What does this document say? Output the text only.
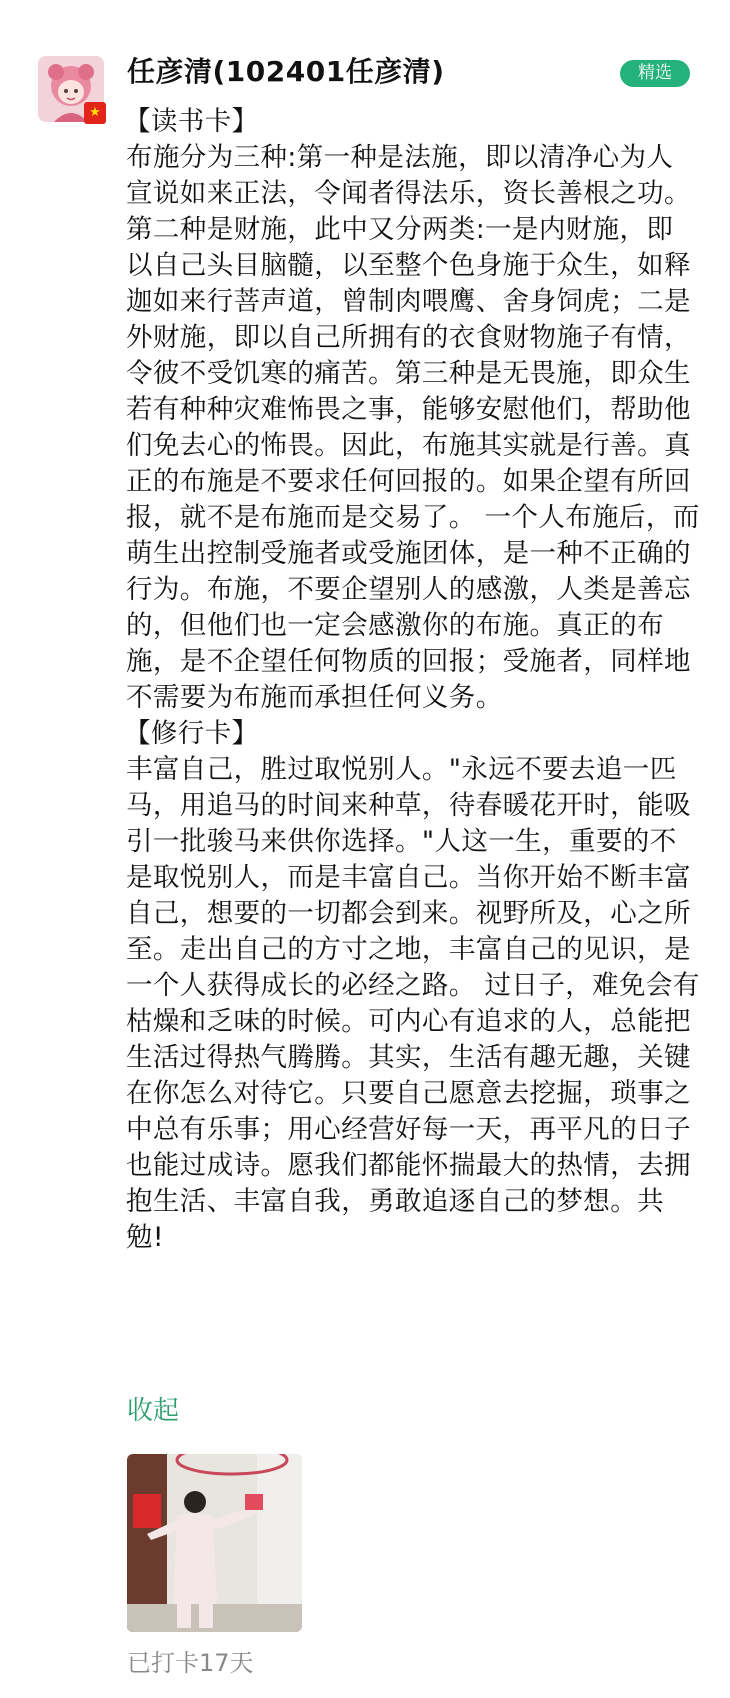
★
任彦清(102401任彦清)	精选

【读书卡】

布施分为三种:第一种是法施，即以清净心为人宣说如来正法，令闻者得法乐，资长善根之功。第二种是财施，此中又分两类:一是内财施，即以自己头目脑髓，以至整个色身施于众生，如释迦如来行菩声道，曾制肉喂鹰、舍身饲虎；二是外财施，即以自己所拥有的衣食财物施子有情， 令彼不受饥寒的痛苦。第三种是无畏施，即众生若有种种灾难怖畏之事，能够安慰他们，帮助他们免去心的怖畏。因此，布施其实就是行善。真正的布施是不要求任何回报的。如果企望有所回报，就不是布施而是交易了。 一个人布施后，而萌生出控制受施者或受施团体，是一种不正确的行为。布施，不要企望别人的感激，人类是善忘的，但他们也一定会感激你的布施。真正的布施，是不企望任何物质的回报；受施者，同样地不需要为布施而承担任何义务。

【修行卡】

丰富自己，胜过取悦别人。"永远不要去追一匹马，用追马的时间来种草，待春暖花开时，能吸引一批骏马来供你选择。"人这一生，重要的不是取悦别人，而是丰富自己。当你开始不断丰富自己，想要的一切都会到来。视野所及，心之所至。走出自己的方寸之地，丰富自己的见识，是一个人获得成长的必经之路。 过日子，难免会有枯燥和乏味的时候。可内心有追求的人，总能把生活过得热气腾腾。其实，生活有趣无趣，关键在你怎么对待它。只要自己愿意去挖掘，琐事之中总有乐事；用心经营好每一天，再平凡的日子也能过成诗。愿我们都能怀揣最大的热情，去拥抱生活、丰富自我，勇敢追逐自己的梦想。共勉!

收起
已打卡17天
